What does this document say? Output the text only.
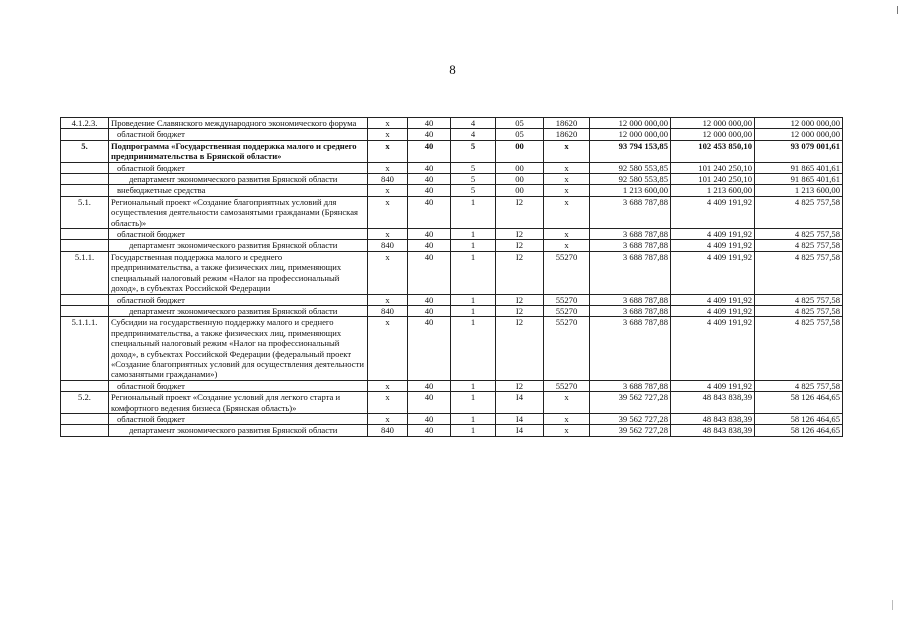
8
4.1.2.3.	Проведение Славянского международного экономического форума	х	40	4	05	18620	12 000 000,00	12 000 000,00	12 000 000,00
	областной бюджет	х	40	4	05	18620	12 000 000,00	12 000 000,00	12 000 000,00
5.	Подпрограмма «Государственная поддержка малого и среднего предпринимательства в Брянской области»	х	40	5	00	х	93 794 153,85	102 453 850,10	93 079 001,61
	областной бюджет	х	40	5	00	х	92 580 553,85	101 240 250,10	91 865 401,61
	департамент экономического развития Брянской области	840	40	5	00	х	92 580 553,85	101 240 250,10	91 865 401,61
	внебюджетные средства	х	40	5	00	х	1 213 600,00	1 213 600,00	1 213 600,00
5.1.	Региональный проект «Создание благоприятных условий для осуществления деятельности самозанятыми гражданами (Брянская область)»	х	40	1	I2	х	3 688 787,88	4 409 191,92	4 825 757,58
	областной бюджет	х	40	1	I2	х	3 688 787,88	4 409 191,92	4 825 757,58
	департамент экономического развития Брянской области	840	40	1	I2	х	3 688 787,88	4 409 191,92	4 825 757,58
5.1.1.	Государственная поддержка малого и среднего предпринимательства, а также физических лиц, применяющих специальный налоговый режим «Налог на профессиональный доход», в субъектах Российской Федерации	х	40	1	I2	55270	3 688 787,88	4 409 191,92	4 825 757,58
	областной бюджет	х	40	1	I2	55270	3 688 787,88	4 409 191,92	4 825 757,58
	департамент экономического развития Брянской области	840	40	1	I2	55270	3 688 787,88	4 409 191,92	4 825 757,58
5.1.1.1.	Субсидии на государственную поддержку малого и среднего предпринимательства, а также физических лиц, применяющих специальный налоговый режим «Налог на профессиональный доход», в субъектах Российской Федерации (федеральный проект «Создание благоприятных условий для осуществления деятельности самозанятыми гражданами»)	х	40	1	I2	55270	3 688 787,88	4 409 191,92	4 825 757,58
	областной бюджет	х	40	1	I2	55270	3 688 787,88	4 409 191,92	4 825 757,58
5.2.	Региональный проект «Создание условий для легкого старта и комфортного ведения бизнеса (Брянская область)»	х	40	1	I4	х	39 562 727,28	48 843 838,39	58 126 464,65
	областной бюджет	х	40	1	I4	х	39 562 727,28	48 843 838,39	58 126 464,65
	департамент экономического развития Брянской области	840	40	1	I4	х	39 562 727,28	48 843 838,39	58 126 464,65
